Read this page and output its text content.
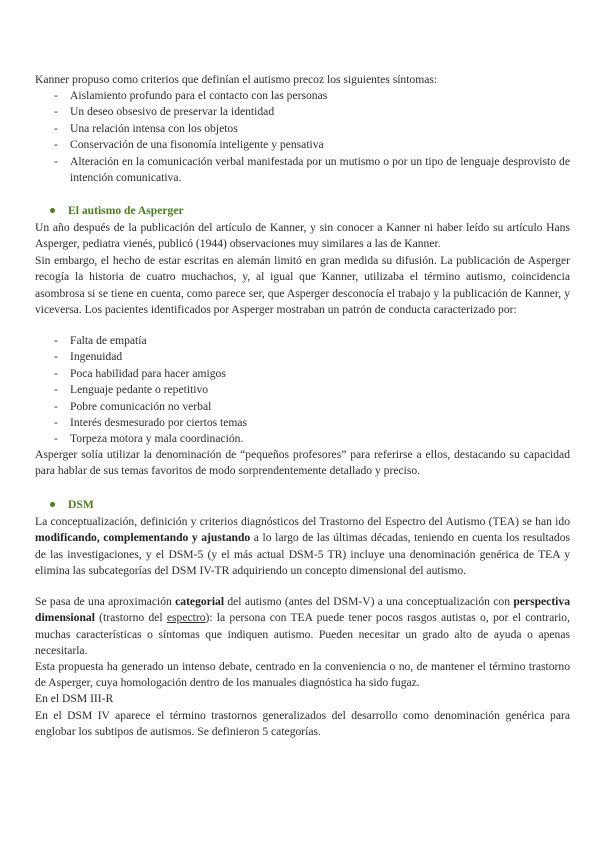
Kanner propuso como criterios que definían el autismo precoz los siguientes síntomas:
- Aislamiento profundo para el contacto con las personas
- Un deseo obsesivo de preservar la identidad
- Una relación intensa con los objetos
- Conservación de una fisonomía inteligente y pensativa
- Alteración en la comunicación verbal manifestada por un mutismo o por un tipo de lenguaje desprovisto de intención comunicativa.
El autismo de Asperger
Un año después de la publicación del artículo de Kanner, y sin conocer a Kanner ni haber leído su artículo Hans Asperger, pediatra vienés, publicó (1944) observaciones muy similares a las de Kanner.
Sin embargo, el hecho de estar escritas en alemán limitó en gran medida su difusión. La publicación de Asperger recogía la historia de cuatro muchachos, y, al igual que Kanner, utilizaba el término autismo, coincidencia asombrosa si se tiene en cuenta, como parece ser, que Asperger desconocía el trabajo y la publicación de Kanner, y viceversa. Los pacientes identificados por Asperger mostraban un patrón de conducta caracterizado por:
- Falta de empatía
- Ingenuidad
- Poca habilidad para hacer amigos
- Lenguaje pedante o repetitivo
- Pobre comunicación no verbal
- Interés desmesurado por ciertos temas
- Torpeza motora y mala coordinación.
Asperger solía utilizar la denominación de “pequeños profesores” para referirse a ellos, destacando su capacidad para hablar de sus temas favoritos de modo sorprendentemente detallado y preciso.
DSM
La conceptualización, definición y criterios diagnósticos del Trastorno del Espectro del Autismo (TEA) se han ido modificando, complementando y ajustando a lo largo de las últimas décadas, teniendo en cuenta los resultados de las investigaciones, y el DSM-5 (y el más actual DSM-5 TR) incluye una denominación genérica de TEA y elimina las subcategorías del DSM IV-TR adquiriendo un concepto dimensional del autismo.
Se pasa de una aproximación categorial del autismo (antes del DSM-V) a una conceptualización con perspectiva dimensional (trastorno del espectro): la persona con TEA puede tener pocos rasgos autistas o, por el contrario, muchas características o síntomas que indiquen autismo. Pueden necesitar un grado alto de ayuda o apenas necesitarla.
Esta propuesta ha generado un intenso debate, centrado en la conveniencia o no, de mantener el término trastorno de Asperger, cuya homologación dentro de los manuales diagnóstica ha sido fugaz.
En el DSM III-R
En el DSM IV aparece el término trastornos generalizados del desarrollo como denominación genérica para englobar los subtipos de autismos. Se definieron 5 categorías.
